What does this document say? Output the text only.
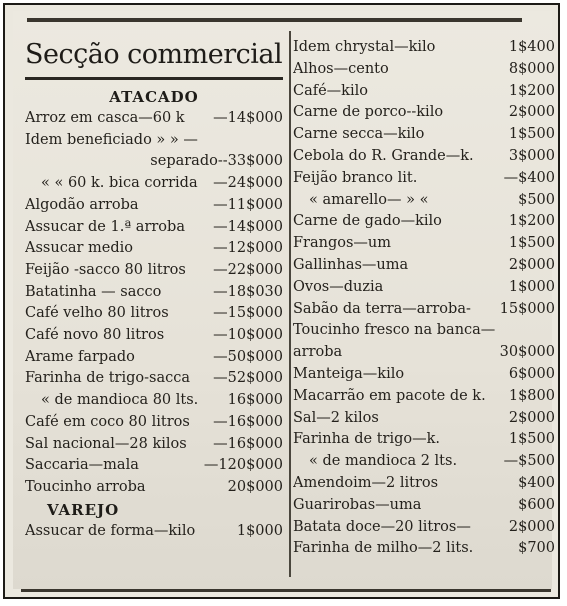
Secção commercial
ATACADO
Arroz em casca—60 k —14$000
Idem beneficiado » » —
separado--33$000
« « 60 k. bica corrida —24$000
Algodão arroba	—11$000
Assucar de 1.ª arroba —14$000
Assucar medio	—12$000
Feijão -sacco 80 litros —22$000
Batatinha — sacco	—18$030
Café velho 80 litros	—15$000
Café novo 80 litros	—10$000
Arame farpado	—50$000
Farinha de trigo-sacca —52$000
« de mandioca 80 lts. 16$000
Café em coco 80 litros —16$000
Sal nacional—28 kilos —16$000
Saccaria—mala	—120$000
Toucinho arroba	20$000
VAREJO
Assucar de forma—kilo	1$000
Idem chrystal—kilo	1$400
Alhos—cento	8$000
Café—kilo	1$200
Carne de porco--kilo	2$000
Carne secca—kilo	1$500
Cebola do R. Grande—k. 3$000
Feijão branco lit.	—$400
« amarello— » «	$500
Carne de gado—kilo	1$200
Frangos—um	1$500
Gallinhas—uma	2$000
Ovos—duzia	1$000
Sabão da terra—arroba- 15$000
Toucinho fresco na banca—
arroba	30$000
Manteiga—kilo	6$000
Macarrão em pacote de k. 1$800
Sal—2 kilos	2$000
Farinha de trigo—k.	1$500
« de mandioca 2 lts.	—$500
Amendoim—2 litros	$400
Guarirobas—uma	$600
Batata doce—20 litros—	2$000
Farinha de milho—2 lits.	$700
